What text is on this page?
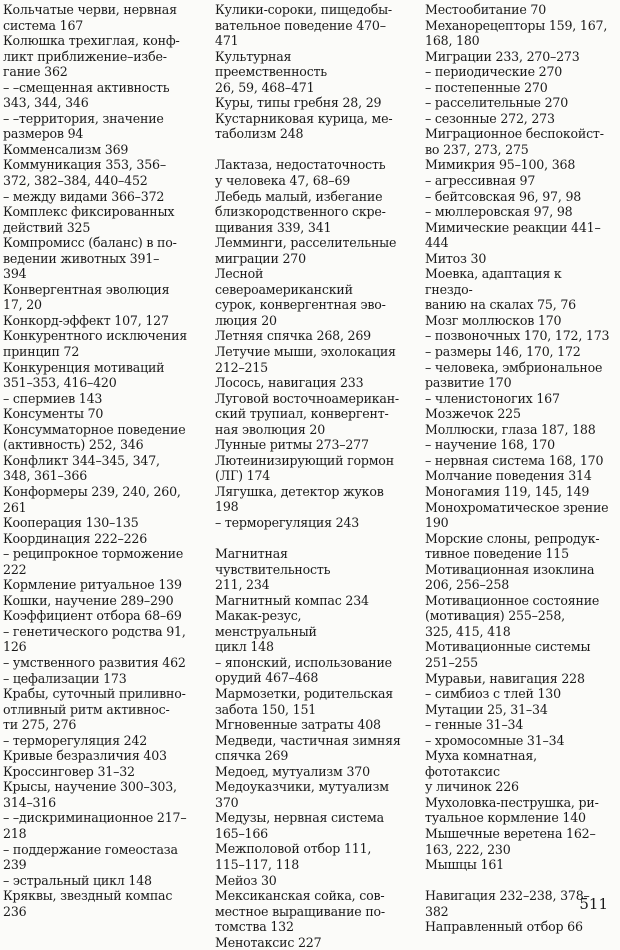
Кольчатые черви, нервная
система 167
Колюшка трехиглая, конф-
ликт приближение–избе-
гание 362
– –смещенная активность
343, 344, 346
– –территория, значение
размеров 94
Комменсализм 369
Коммуникация 353, 356–
372, 382–384, 440–452
– между видами 366–372
Комплекс фиксированных
действий 325
Компромисс (баланс) в по-
ведении животных 391–
394
Конвергентная эволюция
17, 20
Конкорд-эффект 107, 127
Конкурентного исключения
принцип 72
Конкуренция мотиваций
351–353, 416–420
– спермиев 143
Консументы 70
Консумматорное поведение
(активность) 252, 346
Конфликт 344–345, 347,
348, 361–366
Конформеры 239, 240, 260,
261
Кооперация 130–135
Координация 222–226
– реципрокное торможение
222
Кормление ритуальное 139
Кошки, научение 289–290
Коэффициент отбора 68–69
– генетического родства 91,
126
– умственного развития 462
– цефализации 173
Крабы, суточный приливно-
отливный ритм активнос-
ти 275, 276
– терморегуляция 242
Кривые безразличия 403
Кроссинговер 31–32
Крысы, научение 300–303,
314–316
– –дискриминационное 217–
218
– поддержание гомеостаза
239
– эстральный цикл 148
Кряквы, звездный компас
236
Кулики-сороки, пищедобы-
вательное поведение 470–
471
Культурная преемственность
26, 59, 468–471
Куры, типы гребня 28, 29
Кустарниковая курица, ме-
таболизм 248
Лактаза, недостаточность
у человека 47, 68–69
Лебедь малый, избегание
близкородственного скре-
щивания 339, 341
Лемминги, расселительные
миграции 270
Лесной североамериканский
сурок, конвергентная эво-
люция 20
Летняя спячка 268, 269
Летучие мыши, эхолокация
212–215
Лосось, навигация 233
Луговой восточноамерикан-
ский трупиал, конвергент-
ная эволюция 20
Лунные ритмы 273–277
Лютеинизирующий гормон
(ЛГ) 174
Лягушка, детектор жуков
198
– терморегуляция 243
Магнитная чувствительность
211, 234
Магнитный компас 234
Макак-резус, менструальный
цикл 148
– японский, использование
орудий 467–468
Мармозетки, родительская
забота 150, 151
Мгновенные затраты 408
Медведи, частичная зимняя
спячка 269
Медоед, мутуализм 370
Медоуказчики, мутуализм
370
Медузы, нервная система
165–166
Межполовой отбор 111,
115–117, 118
Мейоз 30
Мексиканская сойка, сов-
местное выращивание по-
томства 132
Менотаксис 227
Местообитание 70
Механорецепторы 159, 167,
168, 180
Миграции 233, 270–273
– периодические 270
– постепенные 270
– расселительные 270
– сезонные 272, 273
Миграционное беспокойст-
во 237, 273, 275
Мимикрия 95–100, 368
– агрессивная 97
– бейтсовская 96, 97, 98
– мюллеровская 97, 98
Мимические реакции 441–
444
Митоз 30
Моевка, адаптация к гнездо-
ванию на скалах 75, 76
Мозг моллюсков 170
– позвоночных 170, 172, 173
– размеры 146, 170, 172
– человека, эмбриональное
развитие 170
– членистоногих 167
Мозжечок 225
Моллюски, глаза 187, 188
– научение 168, 170
– нервная система 168, 170
Молчание поведения 314
Моногамия 119, 145, 149
Монохроматическое зрение
190
Морские слоны, репродук-
тивное поведение 115
Мотивационная изоклина
206, 256–258
Мотивационное состояние
(мотивация) 255–258,
325, 415, 418
Мотивационные системы
251–255
Муравьи, навигация 228
– симбиоз с тлей 130
Мутации 25, 31–34
– генные 31–34
– хромосомные 31–34
Муха комнатная, фототаксис
у личинок 226
Мухоловка-пеструшка, ри-
туальное кормление 140
Мышечные веретена 162–
163, 222, 230
Мышцы 161
Навигация 232–238, 378–
382
Направленный отбор 66
511
